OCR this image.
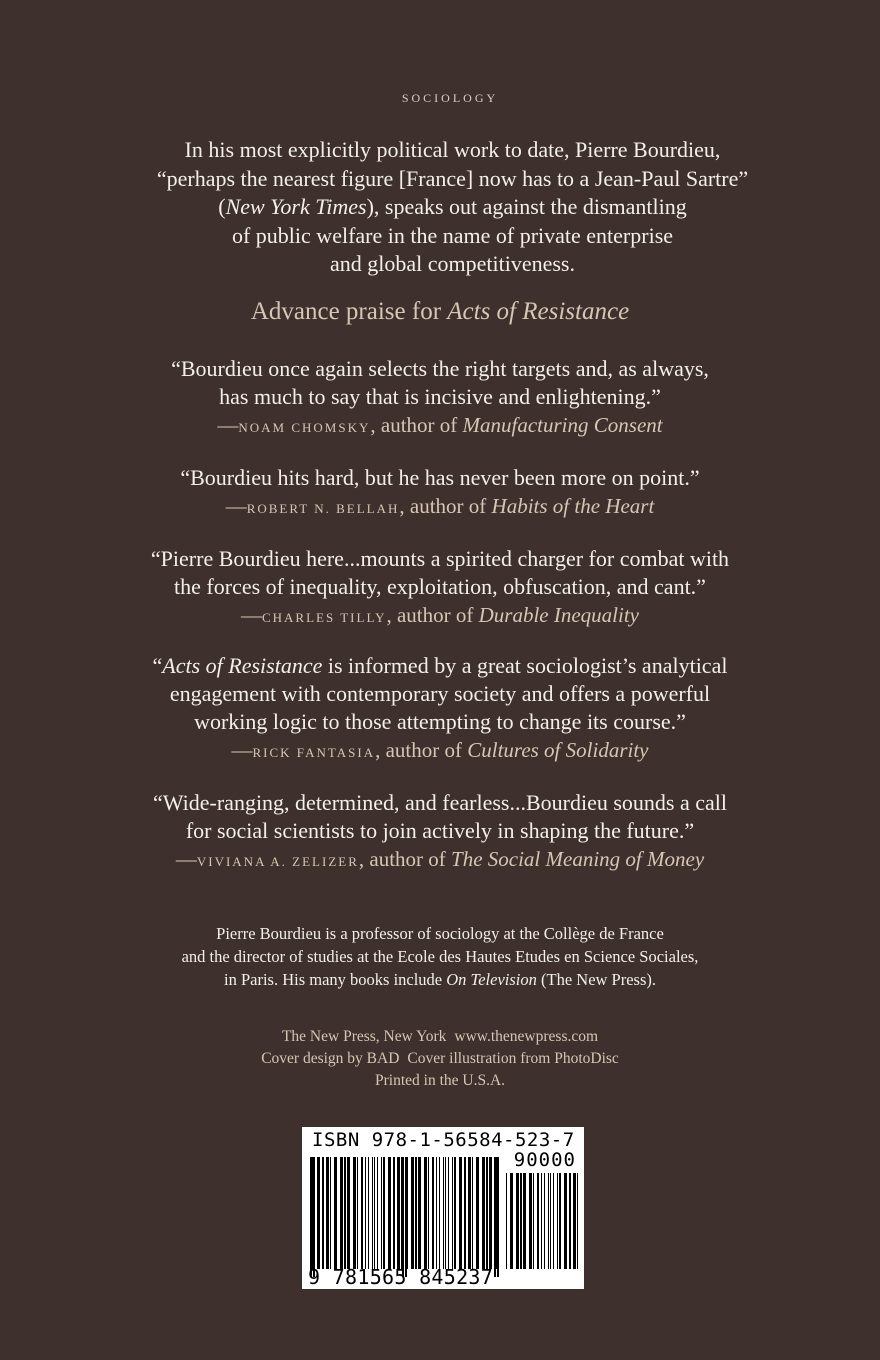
SOCIOLOGY
In his most explicitly political work to date, Pierre Bourdieu,
“perhaps the nearest figure [France] now has to a Jean-Paul Sartre”
(New York Times), speaks out against the dismantling
of public welfare in the name of private enterprise
and global competitiveness.
Advance praise for Acts of Resistance
“Bourdieu once again selects the right targets and, as always,
has much to say that is incisive and enlightening.”
—NOAM CHOMSKY, author of Manufacturing Consent
“Bourdieu hits hard, but he has never been more on point.”
—ROBERT N. BELLAH, author of Habits of the Heart
“Pierre Bourdieu here...mounts a spirited charger for combat with
the forces of inequality, exploitation, obfuscation, and cant.”
—CHARLES TILLY, author of Durable Inequality
“Acts of Resistance is informed by a great sociologist’s analytical
engagement with contemporary society and offers a powerful
working logic to those attempting to change its course.”
—RICK FANTASIA, author of Cultures of Solidarity
“Wide-ranging, determined, and fearless...Bourdieu sounds a call
for social scientists to join actively in shaping the future.”
—VIVIANA A. ZELIZER, author of The Social Meaning of Money
Pierre Bourdieu is a professor of sociology at the Collège de France
and the director of studies at the Ecole des Hautes Etudes en Science Sociales,
in Paris. His many books include On Television (The New Press).
The New Press, New York www.thenewpress.com
Cover design by BAD Cover illustration from PhotoDisc
Printed in the U.S.A.
ISBN 978-1-56584-523-7
90000
9 781565 845237
